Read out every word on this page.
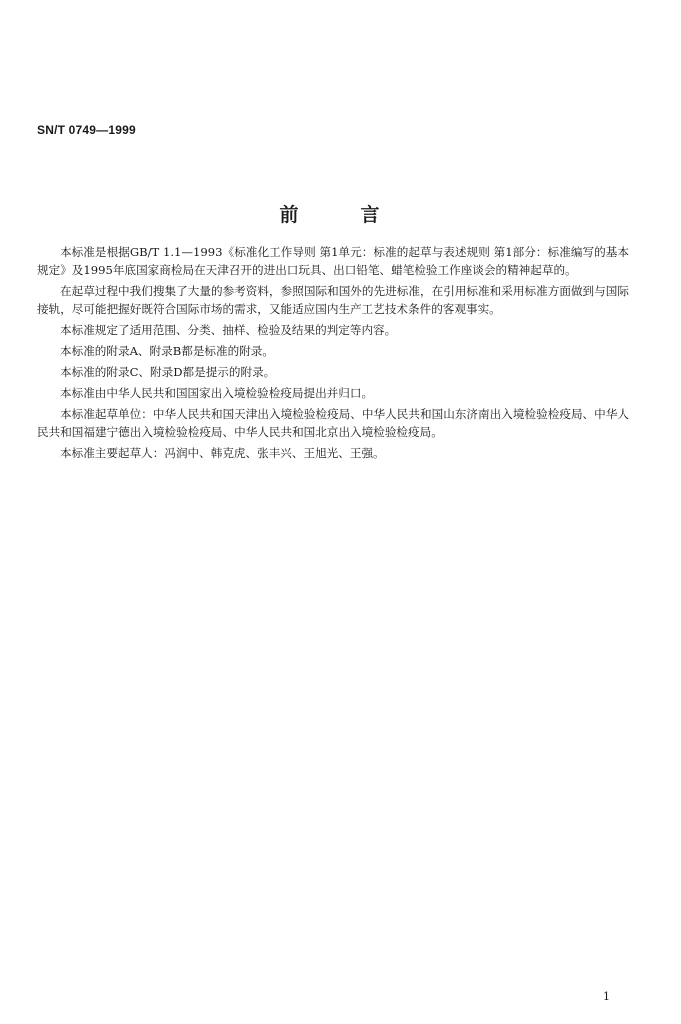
SN/T 0749—1999
前言

本标准是根据GB/T 1.1—1993《标准化工作导则 第1单元：标准的起草与表述规则 第1部分：标准编写的基本规定》及1995年底国家商检局在天津召开的进出口玩具、出口铅笔、蜡笔检验工作座谈会的精神起草的。

在起草过程中我们搜集了大量的参考资料，参照国际和国外的先进标准，在引用标准和采用标准方面做到与国际接轨，尽可能把握好既符合国际市场的需求，又能适应国内生产工艺技术条件的客观事实。

本标准规定了适用范围、分类、抽样、检验及结果的判定等内容。

本标准的附录A、附录B都是标准的附录。

本标准的附录C、附录D都是提示的附录。

本标准由中华人民共和国国家出入境检验检疫局提出并归口。

本标准起草单位：中华人民共和国天津出入境检验检疫局、中华人民共和国山东济南出入境检验检疫局、中华人民共和国福建宁德出入境检验检疫局、中华人民共和国北京出入境检验检疫局。

本标准主要起草人：冯润中、韩克虎、张丰兴、王旭光、王强。

1
